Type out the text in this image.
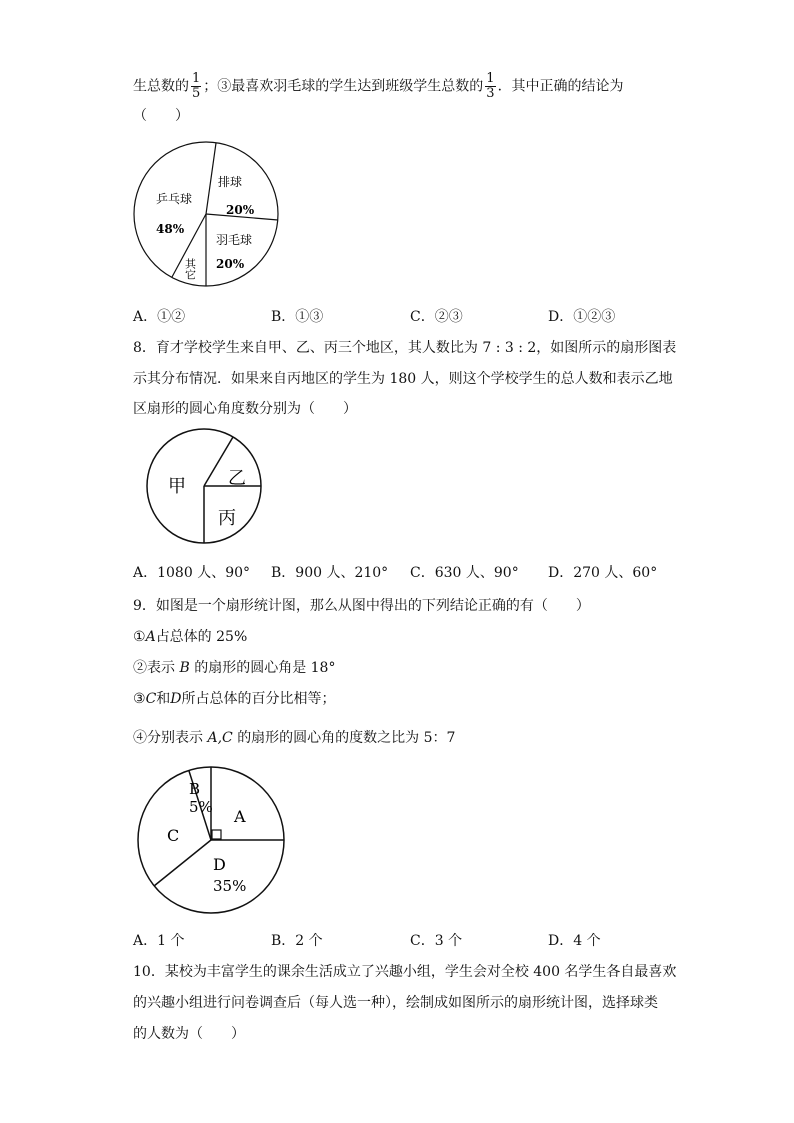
生总数的 $\frac{1}{5}$ ；③最喜欢羽毛球的学生达到班级学生总数的 $\frac{1}{3}$ ．其中正确的结论为
（　　）
乒乓球
48%
排球
20%
羽毛球
20%
其它
A．①②	B．①③	C．②③	D．①②③
8．育才学校学生来自甲、乙、丙三个地区，其人数比为 7 : 3 : 2，如图所示的扇形图表
示其分布情况．如果来自丙地区的学生为 180 人，则这个学校学生的总人数和表示乙地
区扇形的圆心角度数分别为（　　）
甲 乙
丙
A．1080 人、90° B．900 人、210° C．630 人、90° D．270 人、60°
9．如图是一个扇形统计图，那么从图中得出的下列结论正确的有（　　）
①A占总体的 25%
②表示 B 的扇形的圆心角是 18°
③C和D所占总体的百分比相等；
④分别表示 A,C 的扇形的圆心角的度数之比为 5：7
A
B
5%
C
D
35%
A．1 个	B．2 个	C．3 个	D．4 个
10．某校为丰富学生的课余生活成立了兴趣小组，学生会对全校 400 名学生各自最喜欢
的兴趣小组进行问卷调查后（每人选一种），绘制成如图所示的扇形统计图，选择球类
的人数为（　　）
